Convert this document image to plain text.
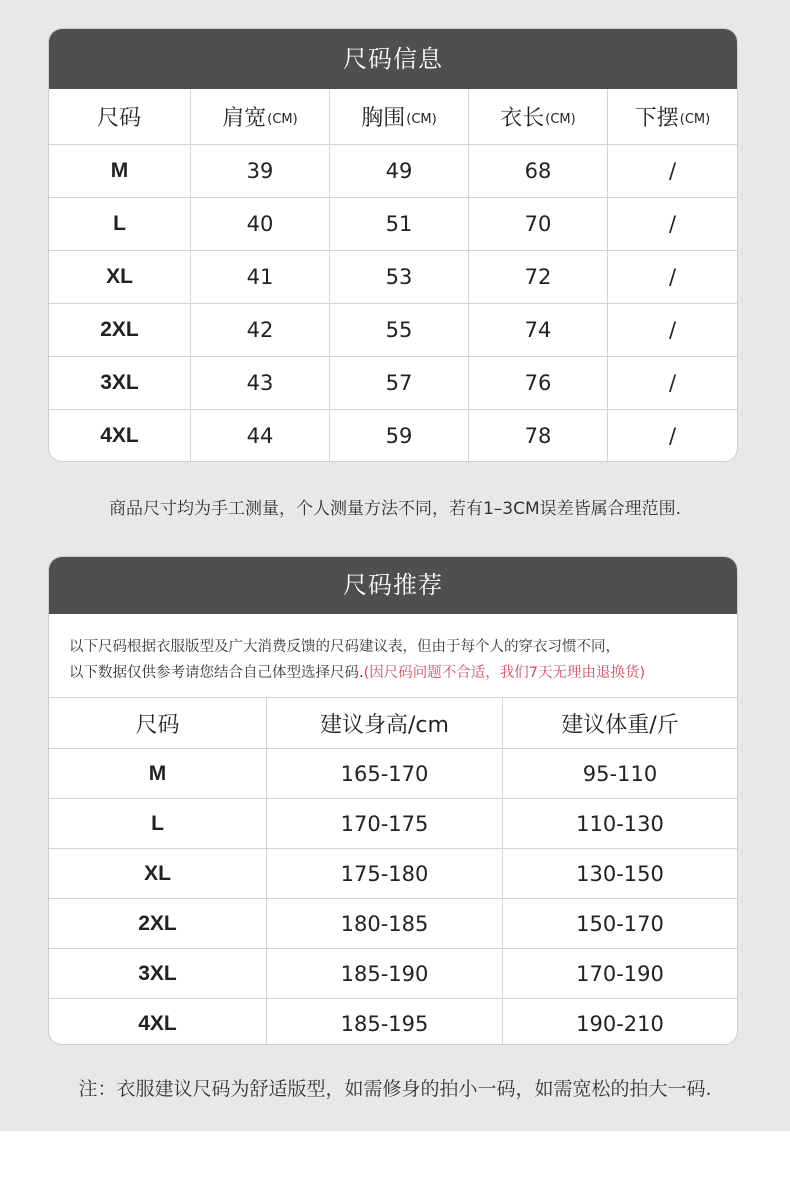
尺码信息
尺码	肩宽 (CM)	胸围 (CM)	衣长 (CM)	下摆 (CM)
M	39	49	68	/
L	40	51	70	/
XL	41	53	72	/
2XL	42	55	74	/
3XL	43	57	76	/
4XL	44	59	78	/
商品尺寸均为手工测量，个人测量方法不同，若有1–3CM误差皆属合理范围.
尺码推荐
以下尺码根据衣服版型及广大消费反馈的尺码建议表，但由于每个人的穿衣习惯不同，
以下数据仅供参考请您结合自己体型选择尺码.(因尺码问题不合适，我们7天无理由退换货)
尺码	建议身高/cm	建议体重/斤
M	165-170	95-110
L	170-175	110-130
XL	175-180	130-150
2XL	180-185	150-170
3XL	185-190	170-190
4XL	185-195	190-210
注：衣服建议尺码为舒适版型，如需修身的拍小一码，如需宽松的拍大一码.
